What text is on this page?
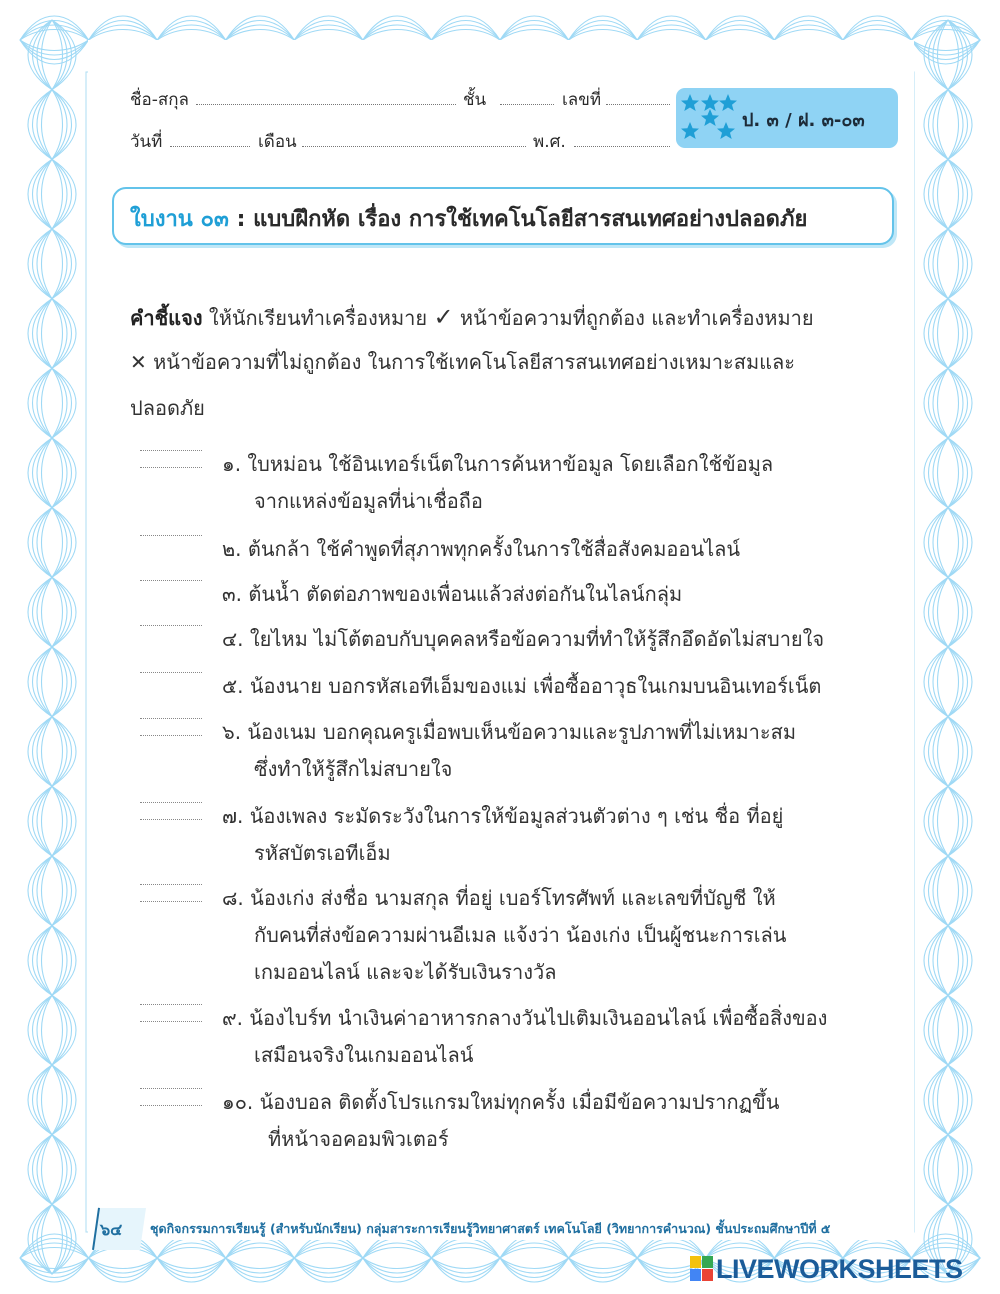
ชื่อ-สกุล	ชั้น	เลขที่
วันที่	เดือน	พ.ศ.
ป. ๓ / ฝ. ๓-๐๓
ใบงาน ๐๓ : แบบฝึกหัด เรื่อง การใช้เทคโนโลยีสารสนเทศอย่างปลอดภัย
คำชี้แจง ให้นักเรียนทำเครื่องหมาย ✓ หน้าข้อความที่ถูกต้อง และทำเครื่องหมาย
✕ หน้าข้อความที่ไม่ถูกต้อง ในการใช้เทคโนโลยีสารสนเทศอย่างเหมาะสมและ
ปลอดภัย
๑. ใบหม่อน ใช้อินเทอร์เน็ตในการค้นหาข้อมูล โดยเลือกใช้ข้อมูล
จากแหล่งข้อมูลที่น่าเชื่อถือ
๒. ต้นกล้า ใช้คำพูดที่สุภาพทุกครั้งในการใช้สื่อสังคมออนไลน์
๓. ต้นน้ำ ตัดต่อภาพของเพื่อนแล้วส่งต่อกันในไลน์กลุ่ม
๔. ใยไหม ไม่โต้ตอบกับบุคคลหรือข้อความที่ทำให้รู้สึกอึดอัดไม่สบายใจ
๕. น้องนาย บอกรหัสเอทีเอ็มของแม่ เพื่อซื้ออาวุธในเกมบนอินเทอร์เน็ต
๖. น้องเนม บอกคุณครูเมื่อพบเห็นข้อความและรูปภาพที่ไม่เหมาะสม
ซึ่งทำให้รู้สึกไม่สบายใจ
๗. น้องเพลง ระมัดระวังในการให้ข้อมูลส่วนตัวต่าง ๆ เช่น ชื่อ ที่อยู่
รหัสบัตรเอทีเอ็ม
๘. น้องเก่ง ส่งชื่อ นามสกุล ที่อยู่ เบอร์โทรศัพท์ และเลขที่บัญชี ให้
กับคนที่ส่งข้อความผ่านอีเมล แจ้งว่า น้องเก่ง เป็นผู้ชนะการเล่น
เกมออนไลน์ และจะได้รับเงินรางวัล
๙. น้องไบร์ท นำเงินค่าอาหารกลางวันไปเติมเงินออนไลน์ เพื่อซื้อสิ่งของ
เสมือนจริงในเกมออนไลน์
๑๐. น้องบอล ติดตั้งโปรแกรมใหม่ทุกครั้ง เมื่อมีข้อความปรากฏขึ้น
ที่หน้าจอคอมพิวเตอร์
๖๔ ชุดกิจกรรมการเรียนรู้ (สำหรับนักเรียน) กลุ่มสาระการเรียนรู้วิทยาศาสตร์ เทคโนโลยี (วิทยาการคำนวณ) ชั้นประถมศึกษาปีที่ ๕
LIVEWORKSHEETS
